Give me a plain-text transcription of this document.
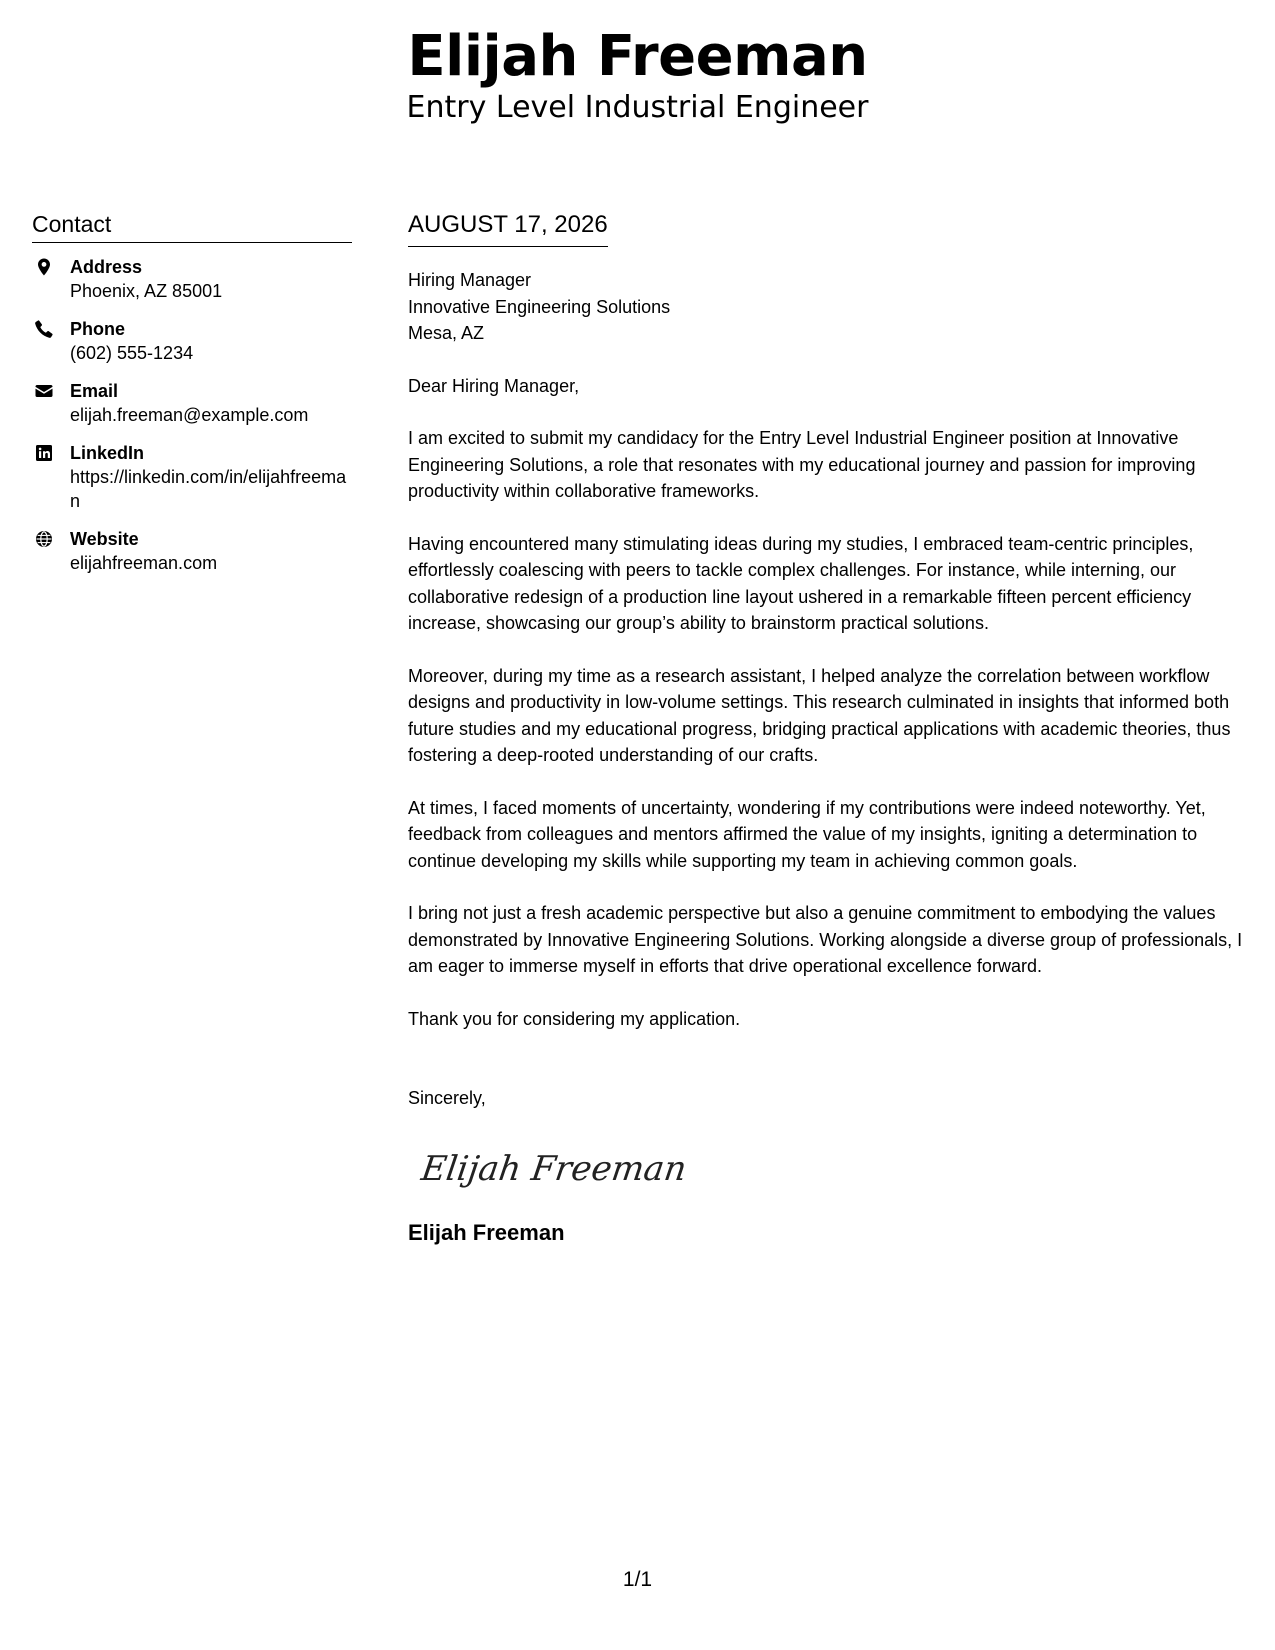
Elijah Freeman
Entry Level Industrial Engineer
Contact
Address
Phoenix, AZ 85001
Phone
(602) 555-1234
Email
elijah.freeman@example.com
LinkedIn
https://linkedin.com/in/elijahfreeman
Website
elijahfreeman.com
AUGUST 17, 2026
Hiring Manager
Innovative Engineering Solutions
Mesa, AZ
Dear Hiring Manager,
I am excited to submit my candidacy for the Entry Level Industrial Engineer position at Innovative Engineering Solutions, a role that resonates with my educational journey and passion for improving productivity within collaborative frameworks.
Having encountered many stimulating ideas during my studies, I embraced team-centric principles, effortlessly coalescing with peers to tackle complex challenges. For instance, while interning, our collaborative redesign of a production line layout ushered in a remarkable fifteen percent efficiency increase, showcasing our group’s ability to brainstorm practical solutions.
Moreover, during my time as a research assistant, I helped analyze the correlation between workflow designs and productivity in low-volume settings. This research culminated in insights that informed both future studies and my educational progress, bridging practical applications with academic theories, thus fostering a deep-rooted understanding of our crafts.
At times, I faced moments of uncertainty, wondering if my contributions were indeed noteworthy. Yet, feedback from colleagues and mentors affirmed the value of my insights, igniting a determination to continue developing my skills while supporting my team in achieving common goals.
I bring not just a fresh academic perspective but also a genuine commitment to embodying the values demonstrated by Innovative Engineering Solutions. Working alongside a diverse group of professionals, I am eager to immerse myself in efforts that drive operational excellence forward.
Thank you for considering my application.
Sincerely,
Elijah Freeman
Elijah Freeman
1/1
